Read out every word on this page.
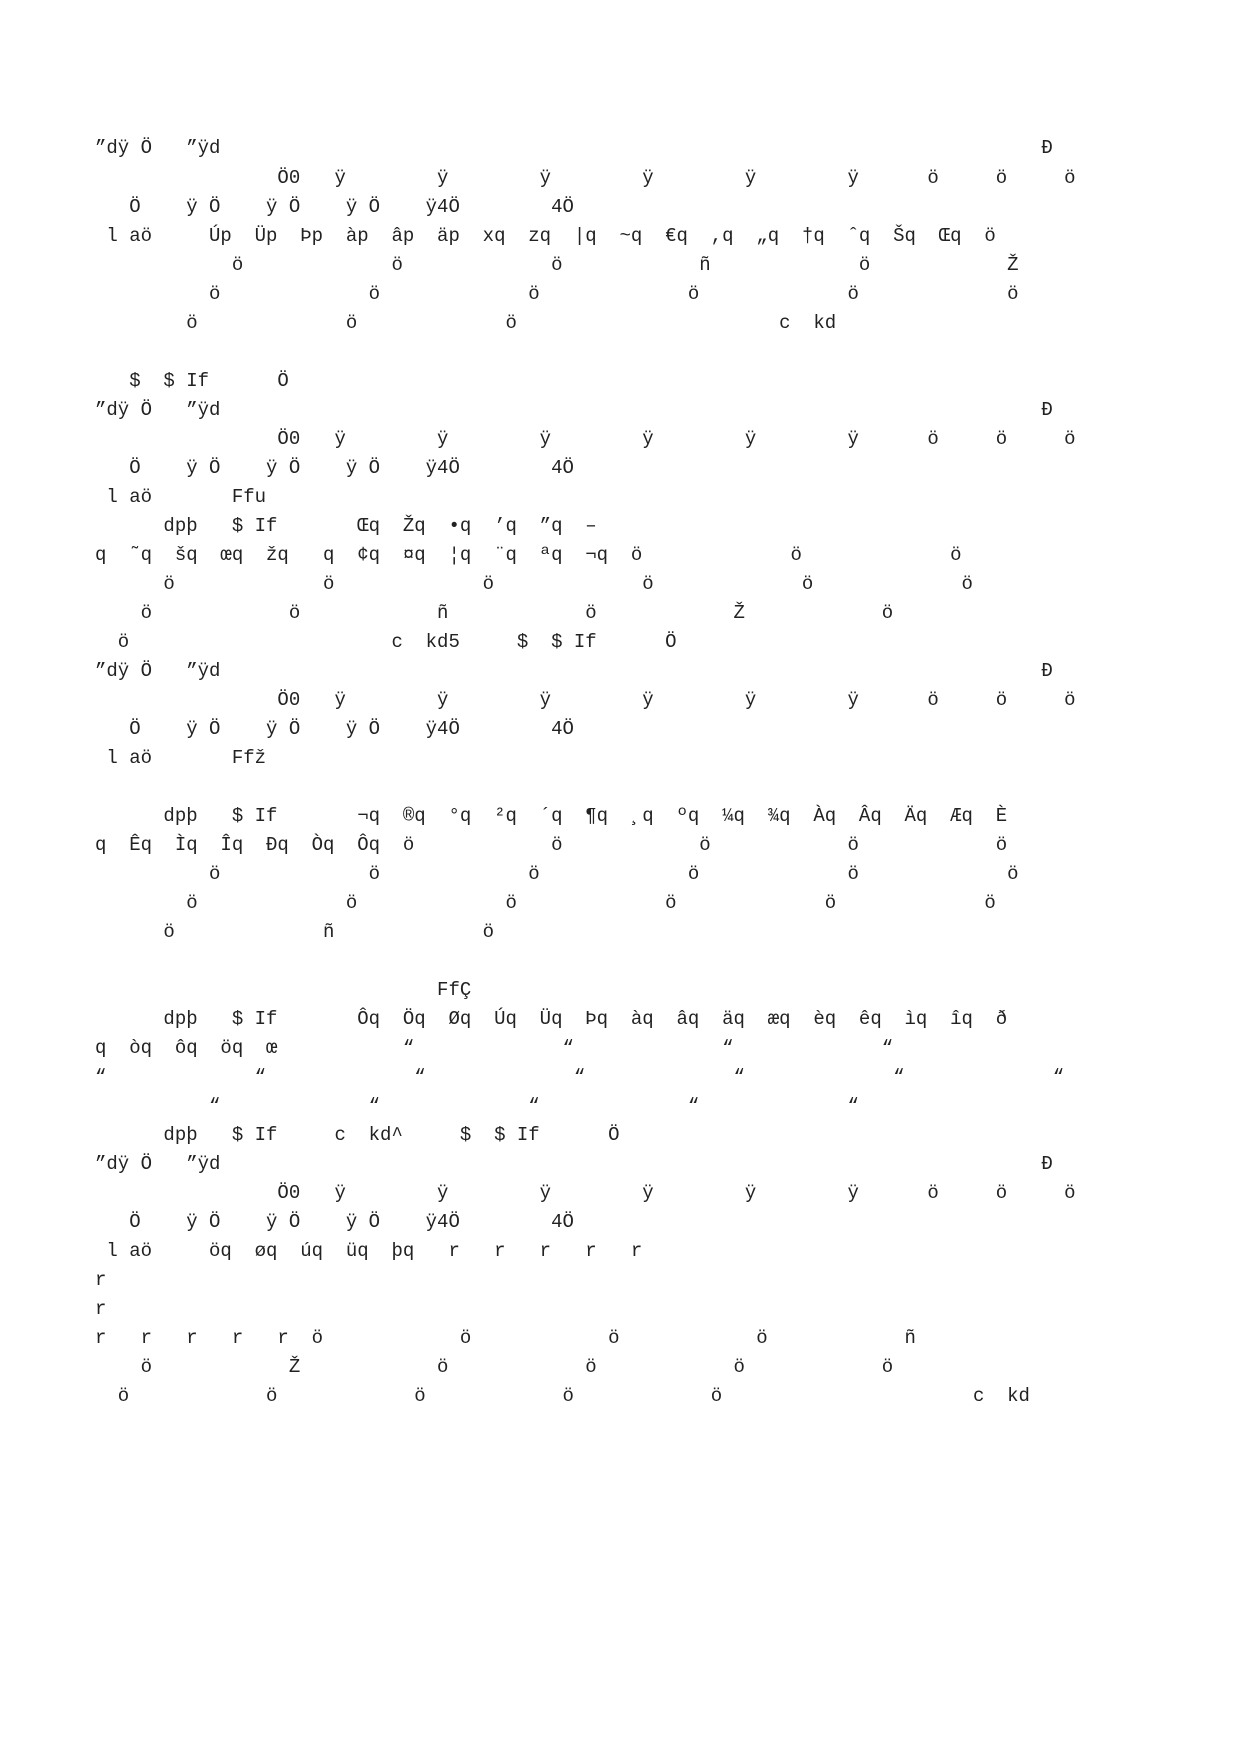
”dÿ Ö   ”ÿd                                                                        Ð
Ö0   ÿ        ÿ        ÿ        ÿ        ÿ        ÿ      ö     ö     ö
Ö    ÿ Ö    ÿ Ö    ÿ Ö    ÿ4Ö        4Ö
l aö     Úp  Üp  Þp  àp  âp  äp  xq  zq  |q  ~q  €q  ,q  „q  †q  ˆq  Šq  Œq  ö
ö             ö             ö            ñ             ö            Ž
ö             ö             ö             ö             ö             ö
ö             ö             ö                       c  kd
$  $ If      Ö
”dÿ Ö   ”ÿd                                                                        Ð
Ö0   ÿ        ÿ        ÿ        ÿ        ÿ        ÿ      ö     ö     ö
Ö    ÿ Ö    ÿ Ö    ÿ Ö    ÿ4Ö        4Ö
l aö       Ffu
dpþ   $ If       Œq  Žq  •q  ’q  ”q  –
q  ˜q  šq  œq  žq   q  ¢q  ¤q  ¦q  ¨q  ªq  ¬q  ö             ö             ö
ö             ö             ö             ö             ö             ö
ö            ö            ñ            ö            Ž            ö
ö                       c  kd5     $  $ If      Ö
”dÿ Ö   ”ÿd                                                                        Ð
Ö0   ÿ        ÿ        ÿ        ÿ        ÿ        ÿ      ö     ö     ö
Ö    ÿ Ö    ÿ Ö    ÿ Ö    ÿ4Ö        4Ö
l aö       Ffž
dpþ   $ If       ¬q  ®q  °q  ²q  ´q  ¶q  ¸q  ºq  ¼q  ¾q  Àq  Âq  Äq  Æq  È
q  Êq  Ìq  Îq  Ðq  Òq  Ôq  ö            ö            ö            ö            ö
ö             ö             ö             ö             ö             ö
ö             ö             ö             ö             ö             ö
ö             ñ             ö
FfÇ
dpþ   $ If       Ôq  Öq  Øq  Úq  Üq  Þq  àq  âq  äq  æq  èq  êq  ìq  îq  ð
q  òq  ôq  öq  œ           “             “             “             “
“             “             “             “             “             “             “
“             “             “             “             “
dpþ   $ If     c  kd^     $  $ If      Ö
”dÿ Ö   ”ÿd                                                                        Ð
Ö0   ÿ        ÿ        ÿ        ÿ        ÿ        ÿ      ö     ö     ö
Ö    ÿ Ö    ÿ Ö    ÿ Ö    ÿ4Ö        4Ö
l aö     öq  øq  úq  üq  þq   r   r   r   r   r
r
r
r   r   r   r   r  ö            ö            ö            ö            ñ
ö            Ž            ö            ö            ö            ö
ö            ö            ö            ö            ö                      c  kd
